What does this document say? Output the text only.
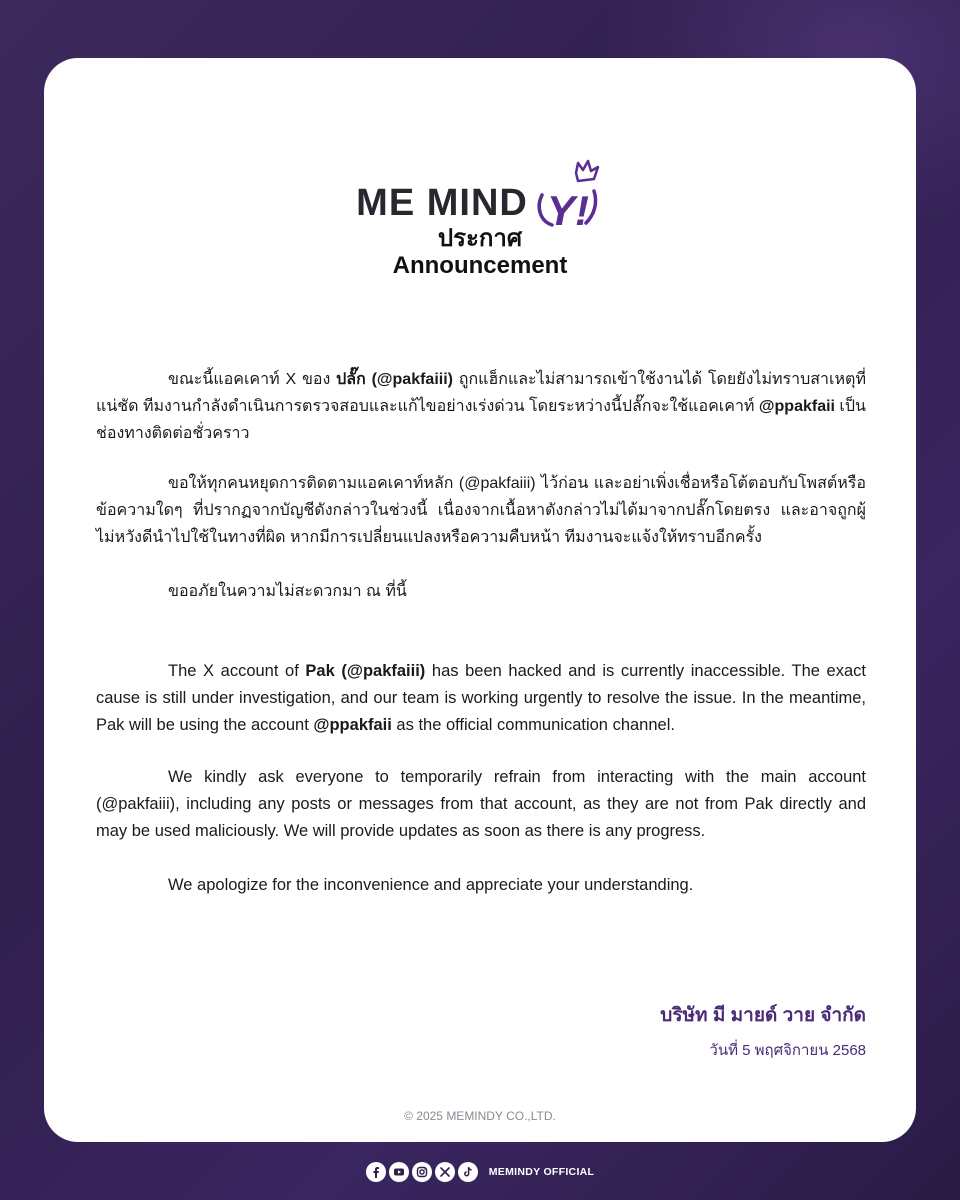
ME MIND Y!
ประกาศ
Announcement

ขณะนี้แอคเคาท์ X ของ ปลั๊ก (@pakfaiii) ถูกแฮ็กและไม่สามารถเข้าใช้งานได้ โดยยังไม่ทราบสาเหตุที่แน่ชัด ทีมงานกำลังดำเนินการตรวจสอบและแก้ไขอย่างเร่งด่วน โดยระหว่างนี้ปลั๊กจะใช้แอคเคาท์ @ppakfaii เป็นช่องทางติดต่อชั่วคราว

ขอให้ทุกคนหยุดการติดตามแอคเคาท์หลัก (@pakfaiii) ไว้ก่อน และอย่าเพิ่งเชื่อหรือโต้ตอบกับโพสต์หรือข้อความใดๆ ที่ปรากฏจากบัญชีดังกล่าวในช่วงนี้ เนื่องจากเนื้อหาดังกล่าวไม่ได้มาจากปลั๊กโดยตรง และอาจถูกผู้ไม่หวังดีนำไปใช้ในทางที่ผิด หากมีการเปลี่ยนแปลงหรือความคืบหน้า ทีมงานจะแจ้งให้ทราบอีกครั้ง

ขออภัยในความไม่สะดวกมา ณ ที่นี้

The X account of Pak (@pakfaiii) has been hacked and is currently inaccessible. The exact cause is still under investigation, and our team is working urgently to resolve the issue. In the meantime, Pak will be using the account @ppakfaii as the official communication channel.

We kindly ask everyone to temporarily refrain from interacting with the main account (@pakfaiii), including any posts or messages from that account, as they are not from Pak directly and may be used maliciously. We will provide updates as soon as there is any progress.

We apologize for the inconvenience and appreciate your understanding.

บริษัท มี มายด์ วาย จำกัด
วันที่ 5 พฤศจิกายน 2568
© 2025 MEMINDY CO.,LTD.
MEMINDY OFFICIAL
